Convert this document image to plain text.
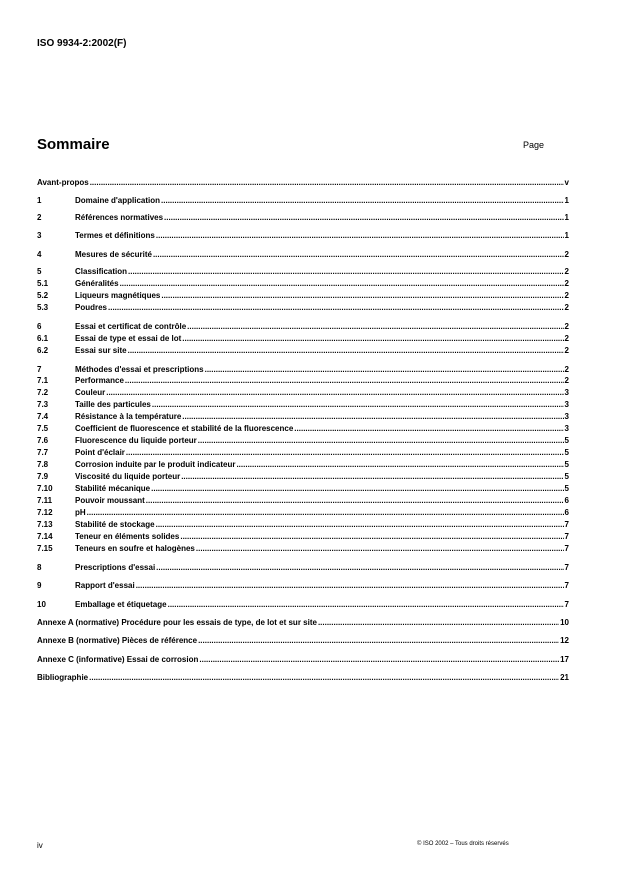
ISO 9934-2:2002(F)
Sommaire	Page
Avant-propos .....	v
1	Domaine d'application .....	1
2	Références normatives .....	1
3	Termes et définitions .....	1
4	Mesures de sécurité .....	2
5	Classification .....	2
5.1	Généralités .....	2
5.2	Liqueurs magnétiques .....	2
5.3	Poudres .....	2
6	Essai et certificat de contrôle .....	2
6.1	Essai de type et essai de lot .....	2
6.2	Essai sur site .....	2
7	Méthodes d'essai et prescriptions .....	2
7.1	Performance .....	2
7.2	Couleur .....	3
7.3	Taille des particules .....	3
7.4	Résistance à la température .....	3
7.5	Coefficient de fluorescence et stabilité de la fluorescence .....	3
7.6	Fluorescence du liquide porteur .....	5
7.7	Point d'éclair .....	5
7.8	Corrosion induite par le produit indicateur .....	5
7.9	Viscosité du liquide porteur .....	5
7.10	Stabilité mécanique .....	5
7.11	Pouvoir moussant .....	6
7.12	pH .....	6
7.13	Stabilité de stockage .....	7
7.14	Teneur en éléments solides .....	7
7.15	Teneurs en soufre et halogènes .....	7
8	Prescriptions d'essai .....	7
9	Rapport d'essai .....	7
10	Emballage et étiquetage .....	7
Annexe A (normative) Procédure pour les essais de type, de lot et sur site .....	10
Annexe B (normative) Pièces de référence .....	12
Annexe C (informative) Essai de corrosion .....	17
Bibliographie .....	21
iv	© ISO 2002 – Tous droits réservés
